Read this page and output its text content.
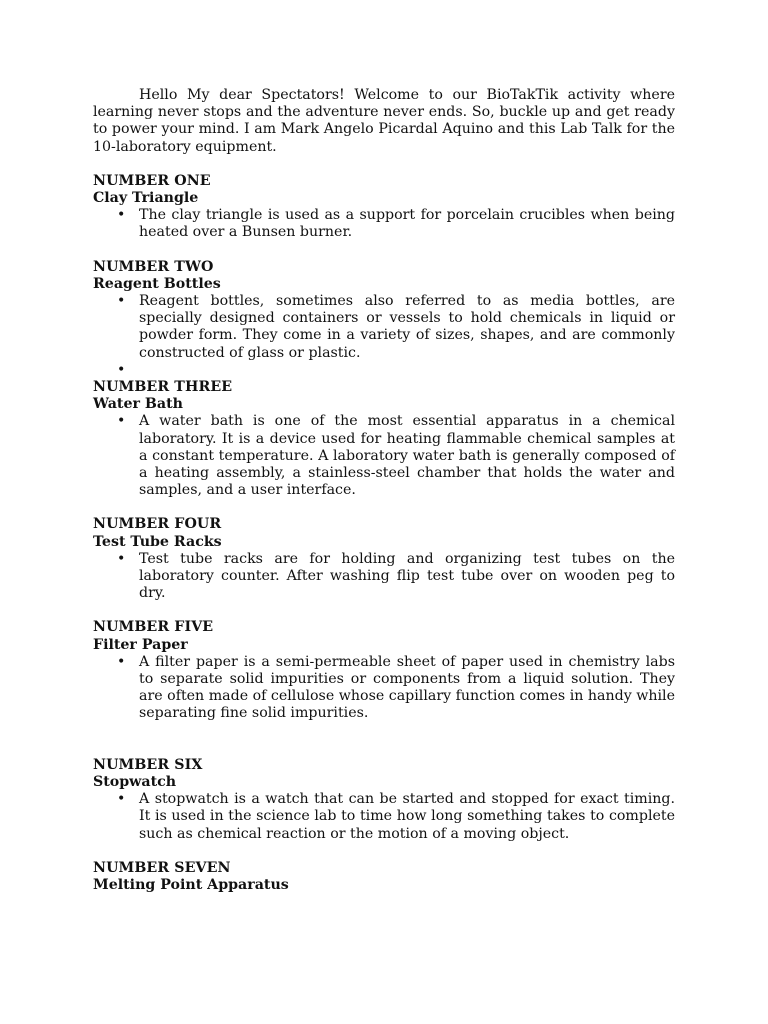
Hello My dear Spectators! Welcome to our BioTakTik activity where learning never stops and the adventure never ends. So, buckle up and get ready to power your mind. I am Mark Angelo Picardal Aquino and this Lab Talk for the 10-laboratory equipment.

NUMBER ONE

Clay Triangle

• The clay triangle is used as a support for porcelain crucibles when being heated over a Bunsen burner.

NUMBER TWO

Reagent Bottles

• Reagent bottles, sometimes also referred to as media bottles, are specially designed containers or vessels to hold chemicals in liquid or powder form. They come in a variety of sizes, shapes, and are commonly constructed of glass or plastic.
•

NUMBER THREE

Water Bath

• A water bath is one of the most essential apparatus in a chemical laboratory. It is a device used for heating flammable chemical samples at a constant temperature. A laboratory water bath is generally composed of a heating assembly, a stainless-steel chamber that holds the water and samples, and a user interface.

NUMBER FOUR

Test Tube Racks

• Test tube racks are for holding and organizing test tubes on the laboratory counter. After washing flip test tube over on wooden peg to dry.

NUMBER FIVE

Filter Paper

• A filter paper is a semi-permeable sheet of paper used in chemistry labs to separate solid impurities or components from a liquid solution. They are often made of cellulose whose capillary function comes in handy while separating fine solid impurities.

NUMBER SIX

Stopwatch

• A stopwatch is a watch that can be started and stopped for exact timing. It is used in the science lab to time how long something takes to complete such as chemical reaction or the motion of a moving object.

NUMBER SEVEN

Melting Point Apparatus
